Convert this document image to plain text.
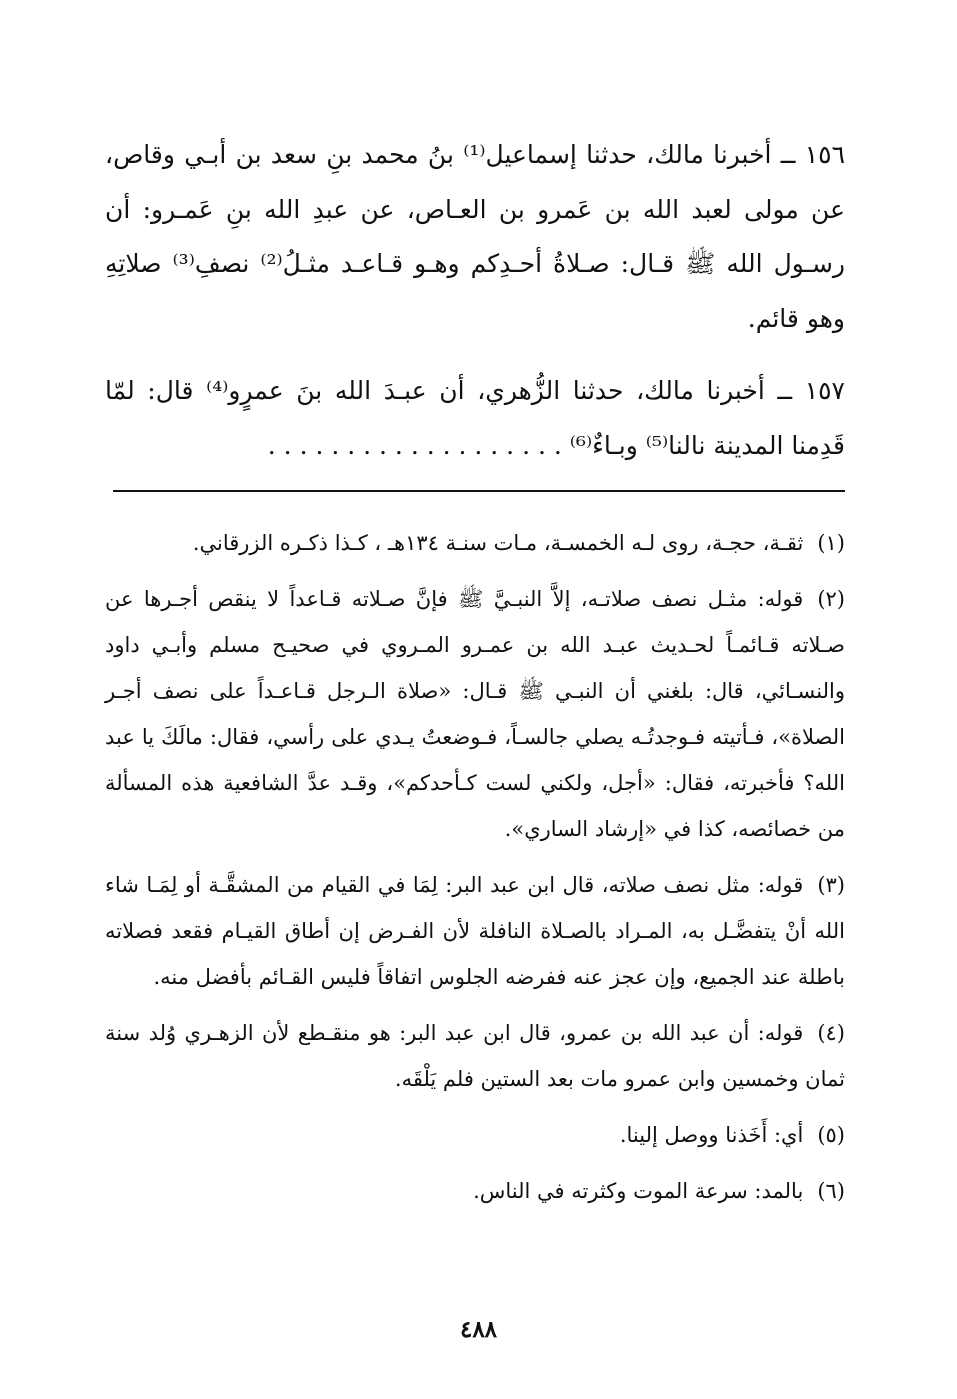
١٥٦ ــ أخبرنا مالك، حدثنا إسماعيل⁽¹⁾ بنُ محمد بنِ سعد بن أبـي وقاص، عن مولى لعبد الله بن عَمرو بن العـاص، عن عبدِ الله بنِ عَمـرو: أن رسـول الله ﷺ قـال: صـلاةُ أحـدِكم وهـو قـاعـد مثـلُ⁽²⁾ نصفِ⁽³⁾ صلاتِهِ وهو قائم.

١٥٧ ــ أخبرنا مالك، حدثنا الزُّهري، أن عبـدَ الله بنَ عمرٍو⁽⁴⁾ قال: لمّا قَدِمنا المدينة نالنا⁽⁵⁾ وبـاءٌ⁽⁶⁾ . . . . . . . . . . . . . . . . . . .

(١)ثقـة، حجـة، روى لـه الخمسـة، مـات سنـة ١٣٤هـ ، كـذا ذكـره الزرقاني.

(٢)قوله: مثـل نصف صلاتـه، إلاَّ النبـيَّ ﷺ فإنَّ صـلاته قـاعداً لا ينقص أجـرها عن صـلاته قـائمـاً لحـديث عبـد الله بن عمـرو المـروي في صحيـح مسلم وأبـي داود والنسـائي، قال: بلغني أن النبـي ﷺ قـال: «صلاة الـرجل قـاعـداً على نصف أجـر الصلاة»، فـأتيته فـوجدتُـه يصلي جالسـاً، فـوضعتُ يـدي على رأسي، فقال: مالَكَ يا عبد الله؟ فأخبرته، فقال: «أجل، ولكني لست كـأحدكم»، وقـد عدَّ الشافعية هذه المسألة من خصائصه، كذا في «إرشاد الساري».

(٣)قوله: مثل نصف صلاته، قال ابن عبد البر: لِمَا في القيام من المشقَّـة أو لِمَـا شاء الله أنْ يتفضَّـل به، المـراد بالصـلاة النافلة لأن الفـرض إن أطاق القيـام فقعد فصلاته باطلة عند الجميع، وإن عجز عنه ففرضه الجلوس اتفاقاً فليس القـائم بأفضل منه.

(٤)قوله: أن عبد الله بن عمرو، قال ابن عبد البر: هو منقـطع لأن الزهـري وُلد سنة ثمان وخمسين وابن عمرو مات بعد الستين فلم يَلْقَه.

(٥)أي: أَخَذنا ووصل إلينا.

(٦)بالمد: سرعة الموت وكثرته في الناس.

٤٨٨
